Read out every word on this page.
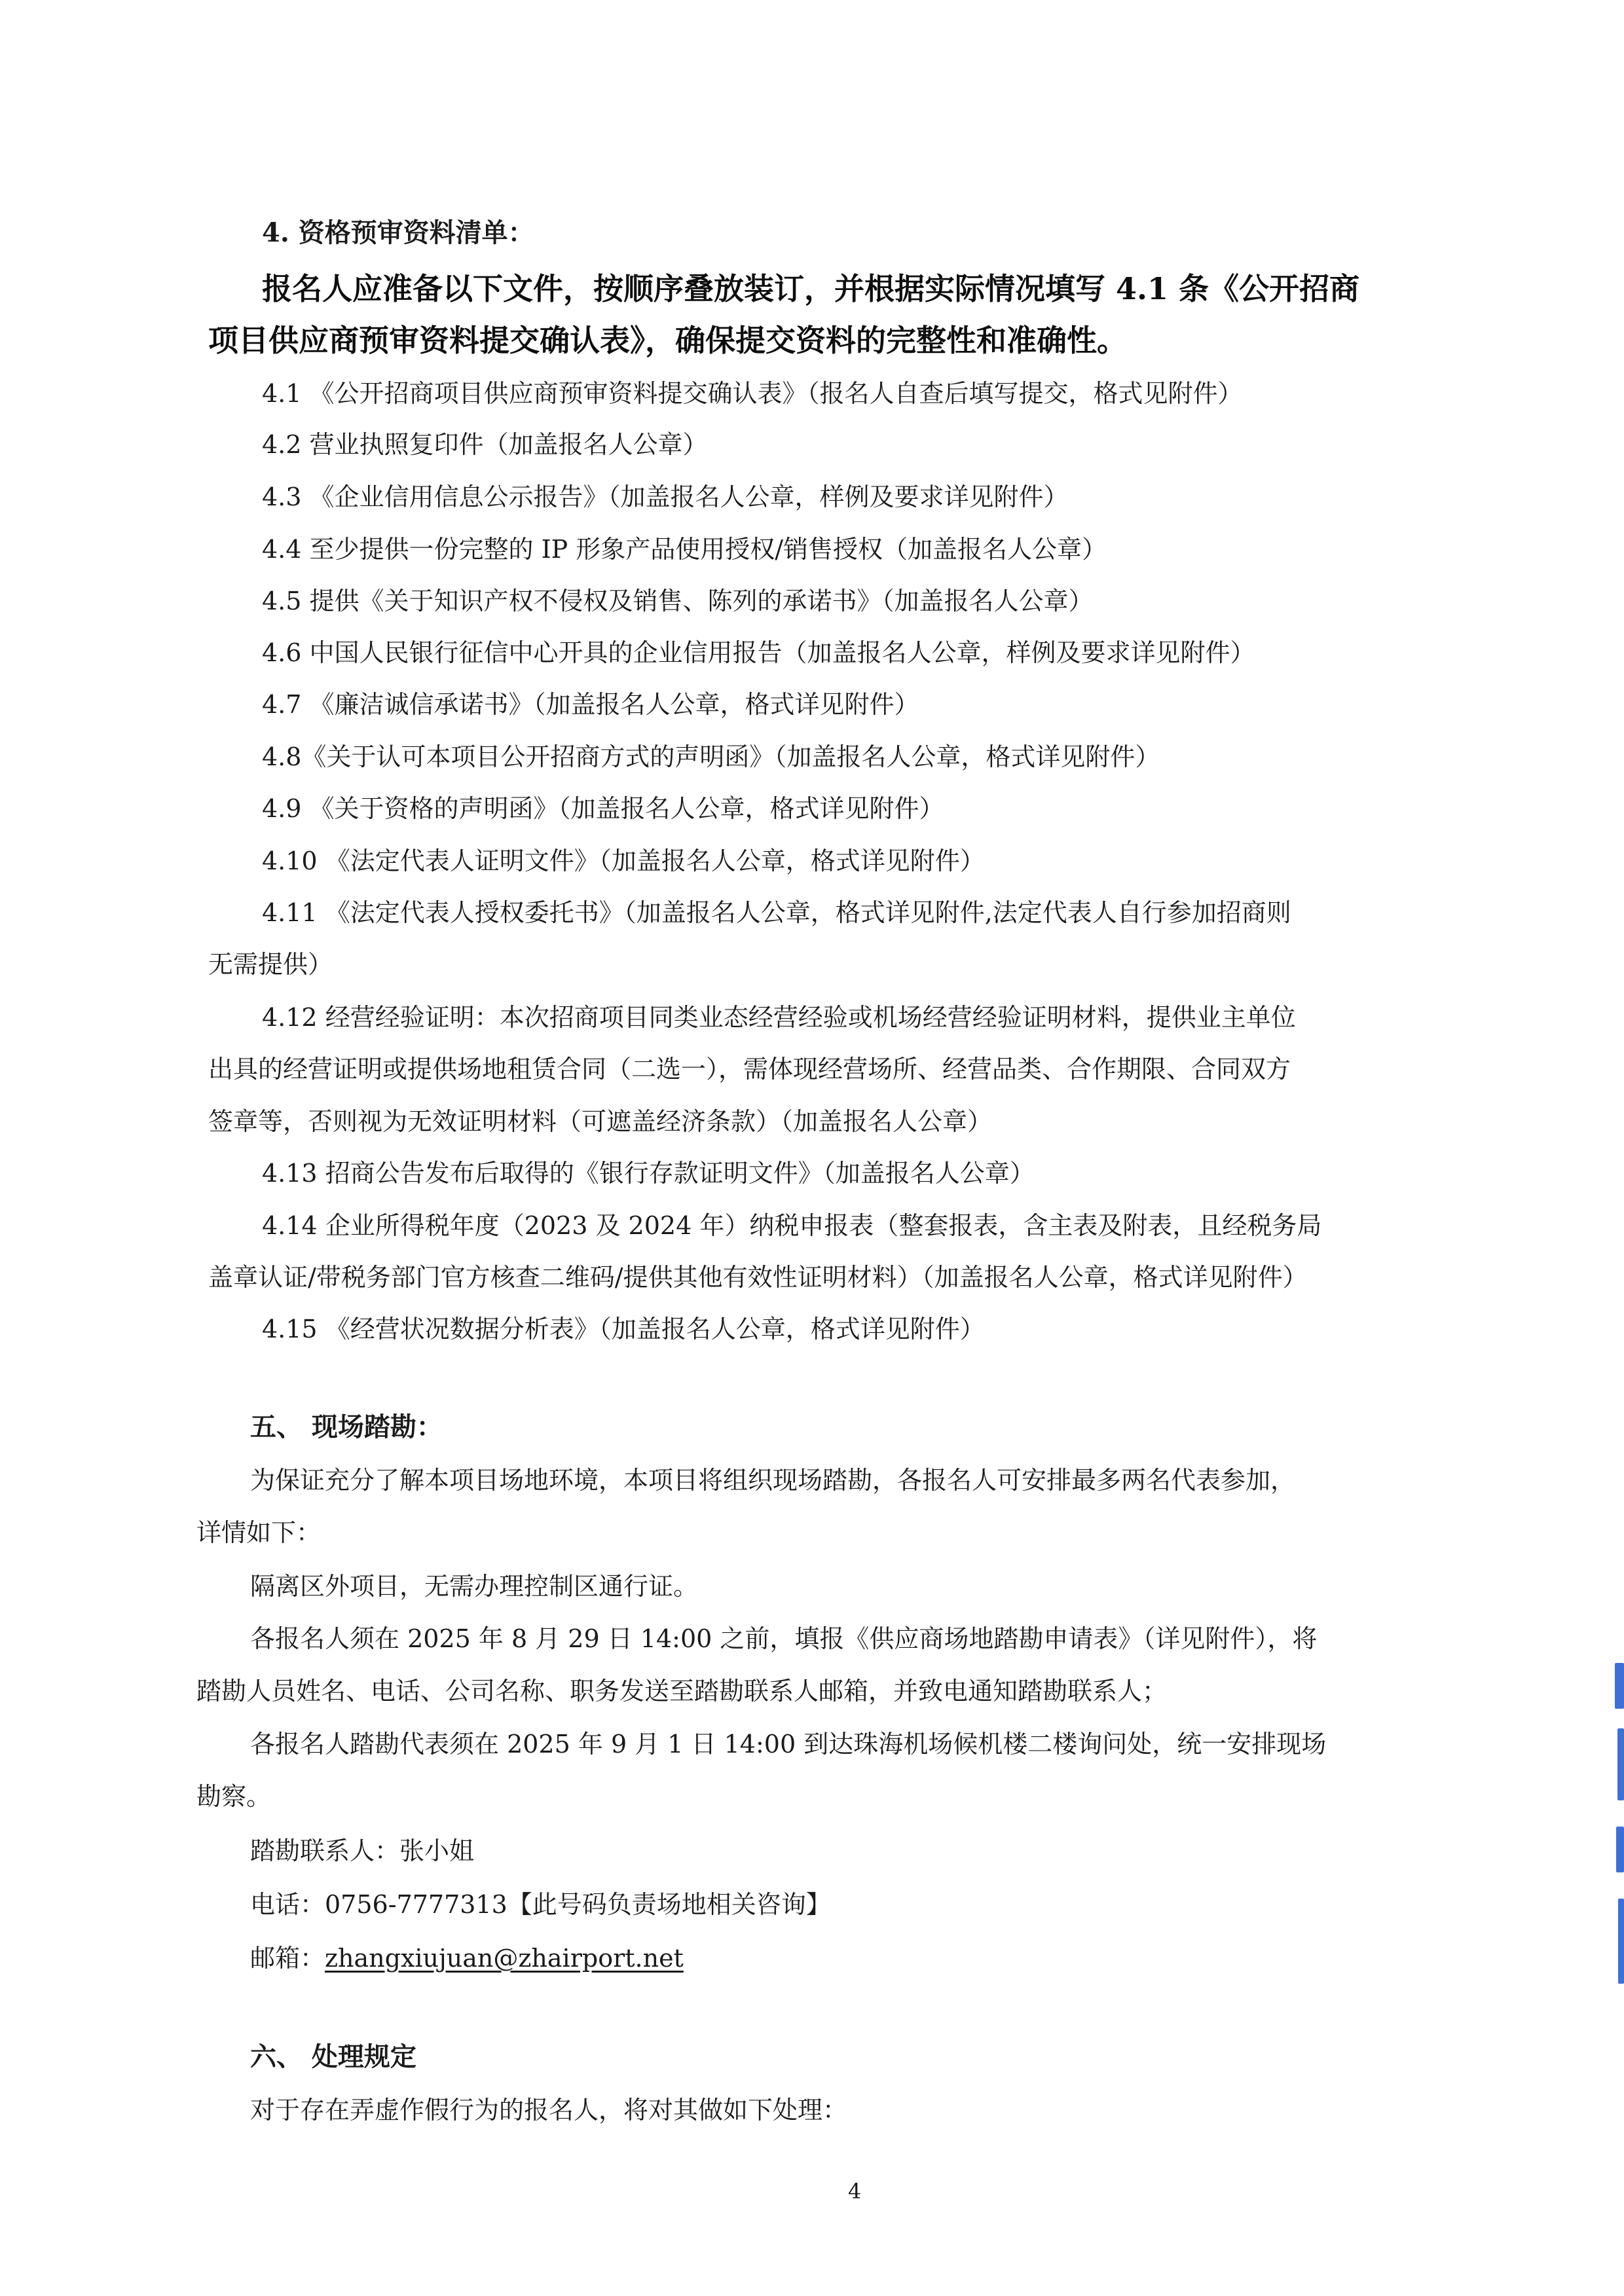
4. 资格预审资料清单：
报名人应准备以下文件，按顺序叠放装订，并根据实际情况填写 4.1 条《公开招商
项目供应商预审资料提交确认表》，确保提交资料的完整性和准确性。
4.1 《公开招商项目供应商预审资料提交确认表》（报名人自查后填写提交，格式见附件）
4.2 营业执照复印件（加盖报名人公章）
4.3 《企业信用信息公示报告》（加盖报名人公章，样例及要求详见附件）
4.4 至少提供一份完整的 IP 形象产品使用授权/销售授权（加盖报名人公章）
4.5 提供《关于知识产权不侵权及销售、陈列的承诺书》（加盖报名人公章）
4.6 中国人民银行征信中心开具的企业信用报告（加盖报名人公章，样例及要求详见附件）
4.7 《廉洁诚信承诺书》（加盖报名人公章，格式详见附件）
4.8《关于认可本项目公开招商方式的声明函》（加盖报名人公章，格式详见附件）
4.9 《关于资格的声明函》（加盖报名人公章，格式详见附件）
4.10 《法定代表人证明文件》（加盖报名人公章，格式详见附件）
4.11 《法定代表人授权委托书》（加盖报名人公章，格式详见附件,法定代表人自行参加招商则
无需提供）
4.12 经营经验证明：本次招商项目同类业态经营经验或机场经营经验证明材料，提供业主单位
出具的经营证明或提供场地租赁合同（二选一），需体现经营场所、经营品类、合作期限、合同双方
签章等，否则视为无效证明材料（可遮盖经济条款）（加盖报名人公章）
4.13 招商公告发布后取得的《银行存款证明文件》（加盖报名人公章）
4.14 企业所得税年度（2023 及 2024 年）纳税申报表（整套报表，含主表及附表，且经税务局
盖章认证/带税务部门官方核查二维码/提供其他有效性证明材料）（加盖报名人公章，格式详见附件）
4.15 《经营状况数据分析表》（加盖报名人公章，格式详见附件）
五、 现场踏勘：
为保证充分了解本项目场地环境，本项目将组织现场踏勘，各报名人可安排最多两名代表参加，
详情如下：
隔离区外项目，无需办理控制区通行证。
各报名人须在 2025 年 8 月 29 日 14:00 之前，填报《供应商场地踏勘申请表》（详见附件），将
踏勘人员姓名、电话、公司名称、职务发送至踏勘联系人邮箱，并致电通知踏勘联系人；
各报名人踏勘代表须在 2025 年 9 月 1 日 14:00 到达珠海机场候机楼二楼询问处，统一安排现场
勘察。
踏勘联系人：张小姐
电话：0756-7777313【此号码负责场地相关咨询】
邮箱：zhangxiujuan@zhairport.net
六、 处理规定
对于存在弄虚作假行为的报名人，将对其做如下处理：
4
